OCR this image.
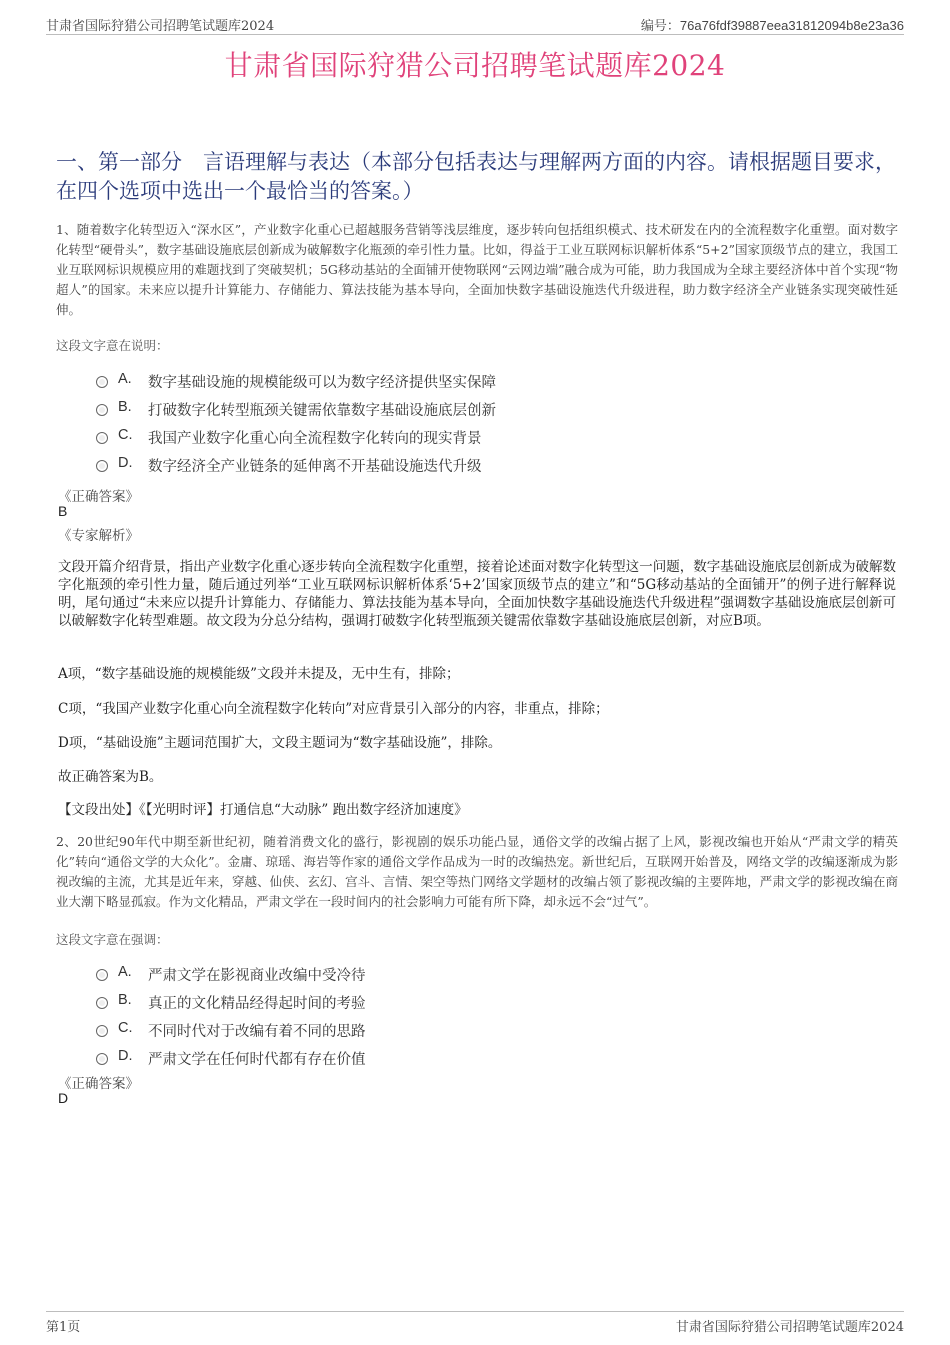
甘肃省国际狩猎公司招聘笔试题库2024	编号：76a76fdf39887eea31812094b8e23a36
甘肃省国际狩猎公司招聘笔试题库2024
一、第一部分　言语理解与表达（本部分包括表达与理解两方面的内容。请根据题目要求，在四个选项中选出一个最恰当的答案。）
1、随着数字化转型迈入“深水区”，产业数字化重心已超越服务营销等浅层维度，逐步转向包括组织模式、技术研发在内的全流程数字化重塑。面对数字化转型“硬骨头”，数字基础设施底层创新成为破解数字化瓶颈的牵引性力量。比如，得益于工业互联网标识解析体系“5+2”国家顶级节点的建立，我国工业互联网标识规模应用的难题找到了突破契机；5G移动基站的全面铺开使物联网“云网边端”融合成为可能，助力我国成为全球主要经济体中首个实现“物超人”的国家。未来应以提升计算能力、存储能力、算法技能为基本导向，全面加快数字基础设施迭代升级进程，助力数字经济全产业链条实现突破性延伸。
这段文字意在说明：
A. 数字基础设施的规模能级可以为数字经济提供坚实保障
B. 打破数字化转型瓶颈关键需依靠数字基础设施底层创新
C. 我国产业数字化重心向全流程数字化转向的现实背景
D. 数字经济全产业链条的延伸离不开基础设施迭代升级
《正确答案》
B
《专家解析》
文段开篇介绍背景，指出产业数字化重心逐步转向全流程数字化重塑，接着论述面对数字化转型这一问题，数字基础设施底层创新成为破解数字化瓶颈的牵引性力量，随后通过列举“工业互联网标识解析体系‘5+2’国家顶级节点的建立”和“5G移动基站的全面铺开”的例子进行解释说明，尾句通过“未来应以提升计算能力、存储能力、算法技能为基本导向，全面加快数字基础设施迭代升级进程”强调数字基础设施底层创新可以破解数字化转型难题。故文段为分总分结构，强调打破数字化转型瓶颈关键需依靠数字基础设施底层创新，对应B项。
A项，“数字基础设施的规模能级”文段并未提及，无中生有，排除；
C项，“我国产业数字化重心向全流程数字化转向”对应背景引入部分的内容，非重点，排除；
D项，“基础设施”主题词范围扩大，文段主题词为“数字基础设施”，排除。
故正确答案为B。
【文段出处】《【光明时评】打通信息“大动脉” 跑出数字经济加速度》
2、20世纪90年代中期至新世纪初，随着消费文化的盛行，影视剧的娱乐功能凸显，通俗文学的改编占据了上风，影视改编也开始从“严肃文学的精英化”转向“通俗文学的大众化”。金庸、琼瑶、海岩等作家的通俗文学作品成为一时的改编热宠。新世纪后，互联网开始普及，网络文学的改编逐渐成为影视改编的主流，尤其是近年来，穿越、仙侠、玄幻、宫斗、言情、架空等热门网络文学题材的改编占领了影视改编的主要阵地，严肃文学的影视改编在商业大潮下略显孤寂。作为文化精品，严肃文学在一段时间内的社会影响力可能有所下降，却永远不会“过气”。
这段文字意在强调：
A. 严肃文学在影视商业改编中受冷待
B. 真正的文化精品经得起时间的考验
C. 不同时代对于改编有着不同的思路
D. 严肃文学在任何时代都有存在价值
《正确答案》
D
第1页	甘肃省国际狩猎公司招聘笔试题库2024
